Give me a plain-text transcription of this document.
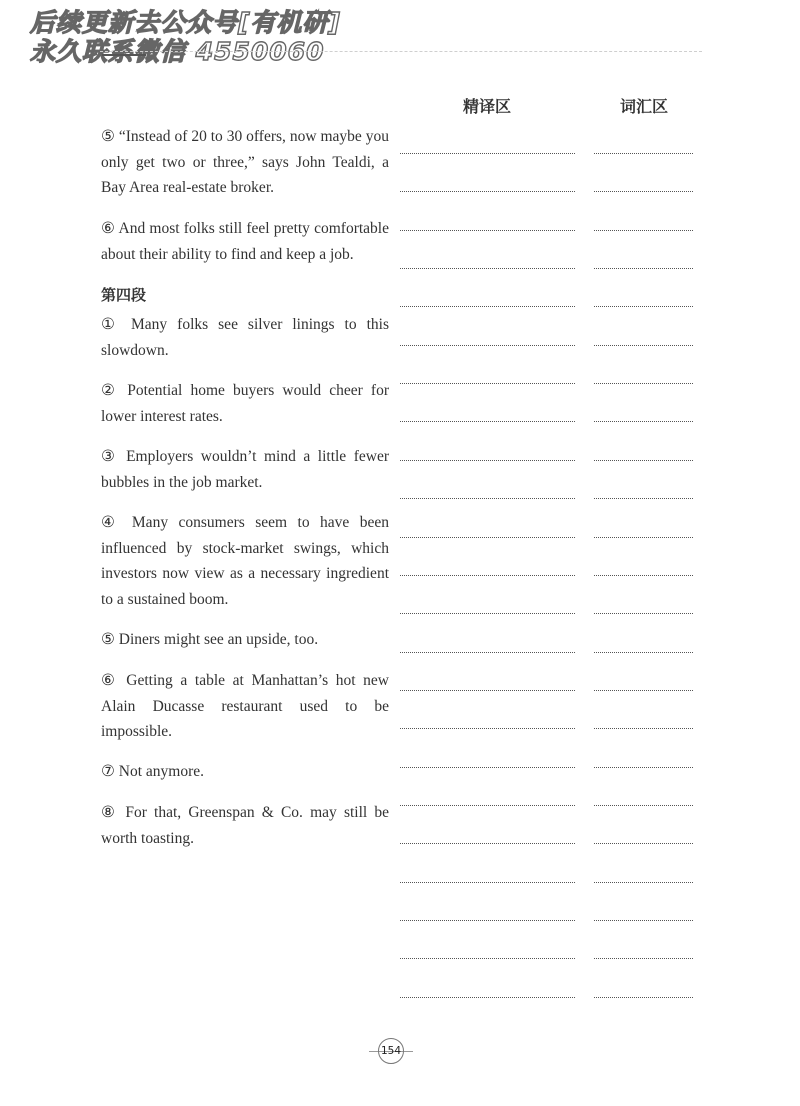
后续更新去公众号[有机研]
永久联系微信 4550060
精译区	词汇区
⑤ “Instead of 20 to 30 offers, now maybe you only get two or three,” says John Tealdi, a Bay Area real-estate broker.
⑥ And most folks still feel pretty comfortable about their ability to find and keep a job.
第四段
① Many folks see silver linings to this slowdown.
② Potential home buyers would cheer for lower interest rates.
③ Employers wouldn’t mind a little fewer bubbles in the job market.
④ Many consumers seem to have been influenced by stock-market swings, which investors now view as a necessary ingredient to a sustained boom.
⑤ Diners might see an upside, too.
⑥ Getting a table at Manhattan’s hot new Alain Ducasse restaurant used to be impossible.
⑦ Not anymore.
⑧ For that, Greenspan & Co. may still be worth toasting.
154
